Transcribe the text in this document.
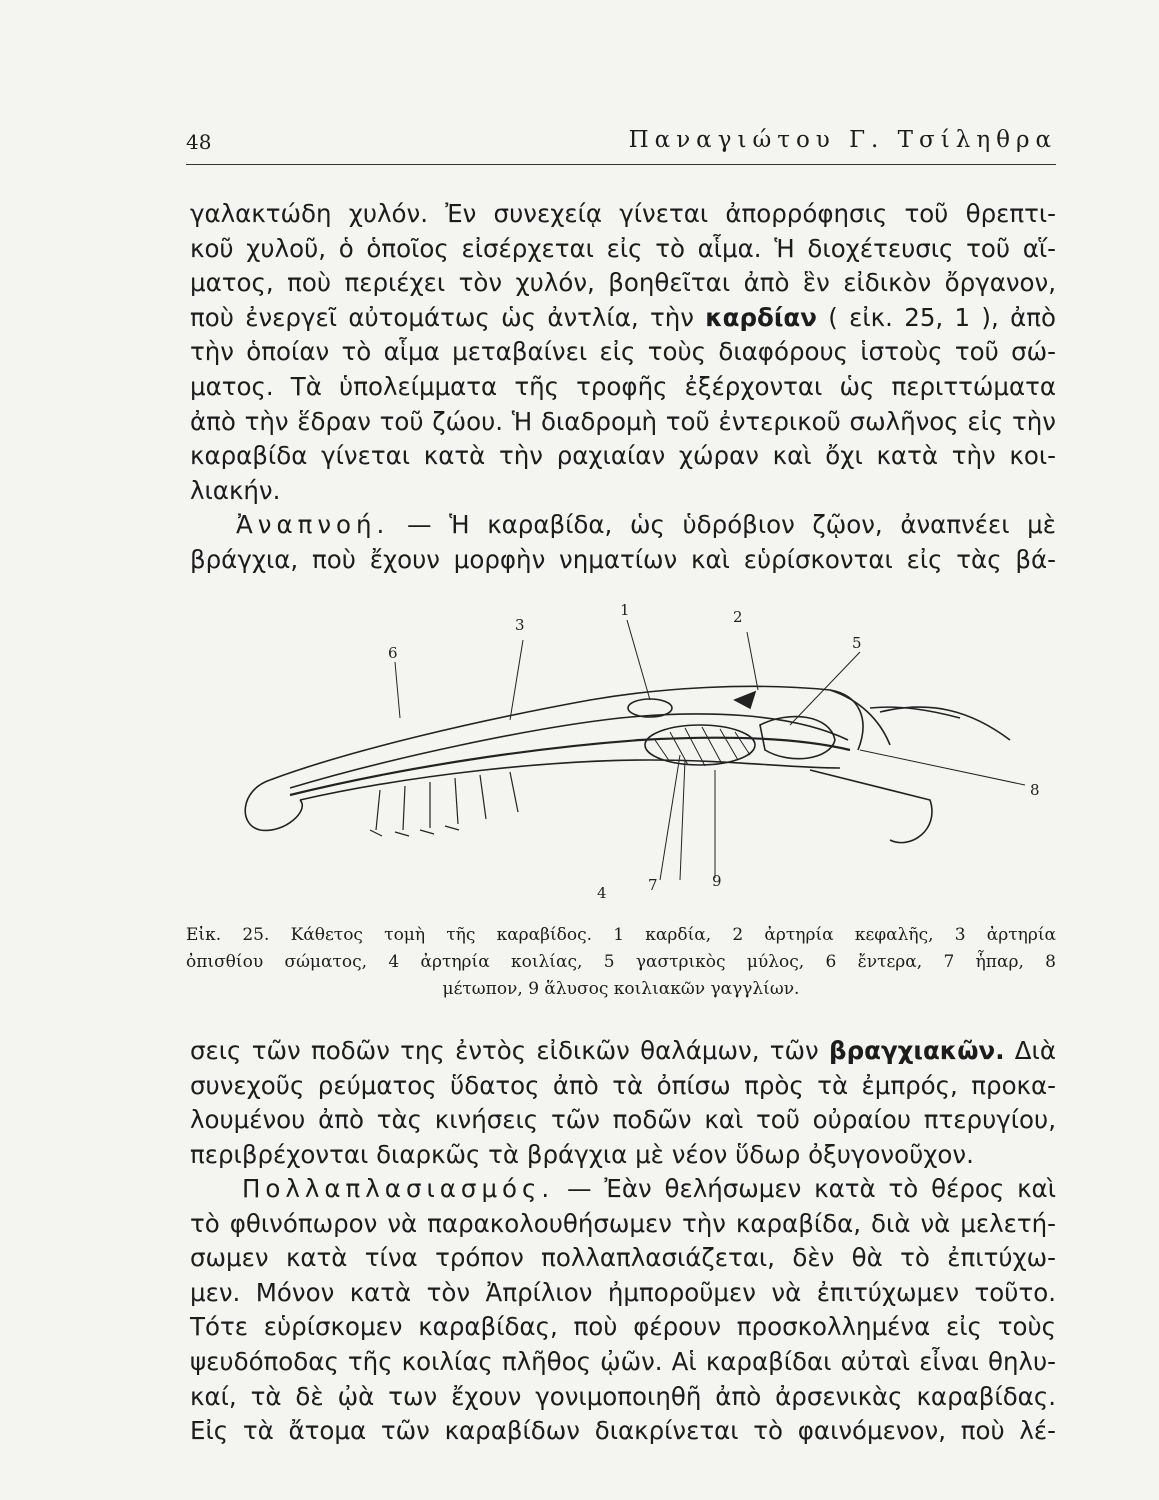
48	Παναγιώτου Γ. Τσίληθρα
γαλακτώδη χυλόν. Ἐν συνεχείᾳ γίνεται ἀπορρόφησις τοῦ θρεπτι-
κοῦ χυλοῦ, ὁ ὁποῖος εἰσέρχεται εἰς τὸ αἷμα. Ἡ διοχέτευσις τοῦ αἵ-
ματος, ποὺ περιέχει τὸν χυλόν, βοηθεῖται ἀπὸ ἓν εἰδικὸν ὄργανον,
ποὺ ἐνεργεῖ αὐτομάτως ὡς ἀντλία, τὴν καρδίαν ( εἰκ. 25, 1 ), ἀπὸ
τὴν ὁποίαν τὸ αἷμα μεταβαίνει εἰς τοὺς διαφόρους ἱστοὺς τοῦ σώ-
ματος. Τὰ ὑπολείμματα τῆς τροφῆς ἐξέρχονται ὡς περιττώματα
ἀπὸ τὴν ἕδραν τοῦ ζώου. Ἡ διαδρομὴ τοῦ ἐντερικοῦ σωλῆνος εἰς τὴν
καραβίδα γίνεται κατὰ τὴν ραχιαίαν χώραν καὶ ὄχι κατὰ τὴν κοι-
λιακήν.
Ἀναπνοή. — Ἡ καραβίδα, ὡς ὑδρόβιον ζῷον, ἀναπνέει μὲ
βράγχια, ποὺ ἔχουν μορφὴν νηματίων καὶ εὑρίσκονται εἰς τὰς βά-
1	2
3
4
5
6
7
8
9
Εἰκ. 25. Κάθετος τομὴ τῆς καραβίδος. 1 καρδία, 2 ἀρτηρία κεφαλῆς, 3 ἀρτηρία
ὀπισθίου σώματος, 4 ἀρτηρία κοιλίας, 5 γαστρικὸς μύλος, 6 ἔντερα, 7 ἧπαρ, 8
μέτωπον, 9 ἅλυσος κοιλιακῶν γαγγλίων.
σεις τῶν ποδῶν της ἐντὸς εἰδικῶν θαλάμων, τῶν βραγχιακῶν. Διὰ
συνεχοῦς ρεύματος ὕδατος ἀπὸ τὰ ὀπίσω πρὸς τὰ ἐμπρός, προκα-
λουμένου ἀπὸ τὰς κινήσεις τῶν ποδῶν καὶ τοῦ οὐραίου πτερυγίου,
περιβρέχονται διαρκῶς τὰ βράγχια μὲ νέον ὕδωρ ὀξυγονοῦχον.
Πολλαπλασιασμός. — Ἐὰν θελήσωμεν κατὰ τὸ θέρος καὶ
τὸ φθινόπωρον νὰ παρακολουθήσωμεν τὴν καραβίδα, διὰ νὰ μελετή-
σωμεν κατὰ τίνα τρόπον πολλαπλασιάζεται, δὲν θὰ τὸ ἐπιτύχω-
μεν. Μόνον κατὰ τὸν Ἀπρίλιον ἠμποροῦμεν νὰ ἐπιτύχωμεν τοῦτο.
Τότε εὑρίσκομεν καραβίδας, ποὺ φέρουν προσκολλημένα εἰς τοὺς
ψευδόποδας τῆς κοιλίας πλῆθος ᾠῶν. Αἱ καραβίδαι αὐταὶ εἶναι θηλυ-
καί, τὰ δὲ ᾠὰ των ἔχουν γονιμοποιηθῆ ἀπὸ ἀρσενικὰς καραβίδας.
Εἰς τὰ ἄτομα τῶν καραβίδων διακρίνεται τὸ φαινόμενον, ποὺ λέ-
